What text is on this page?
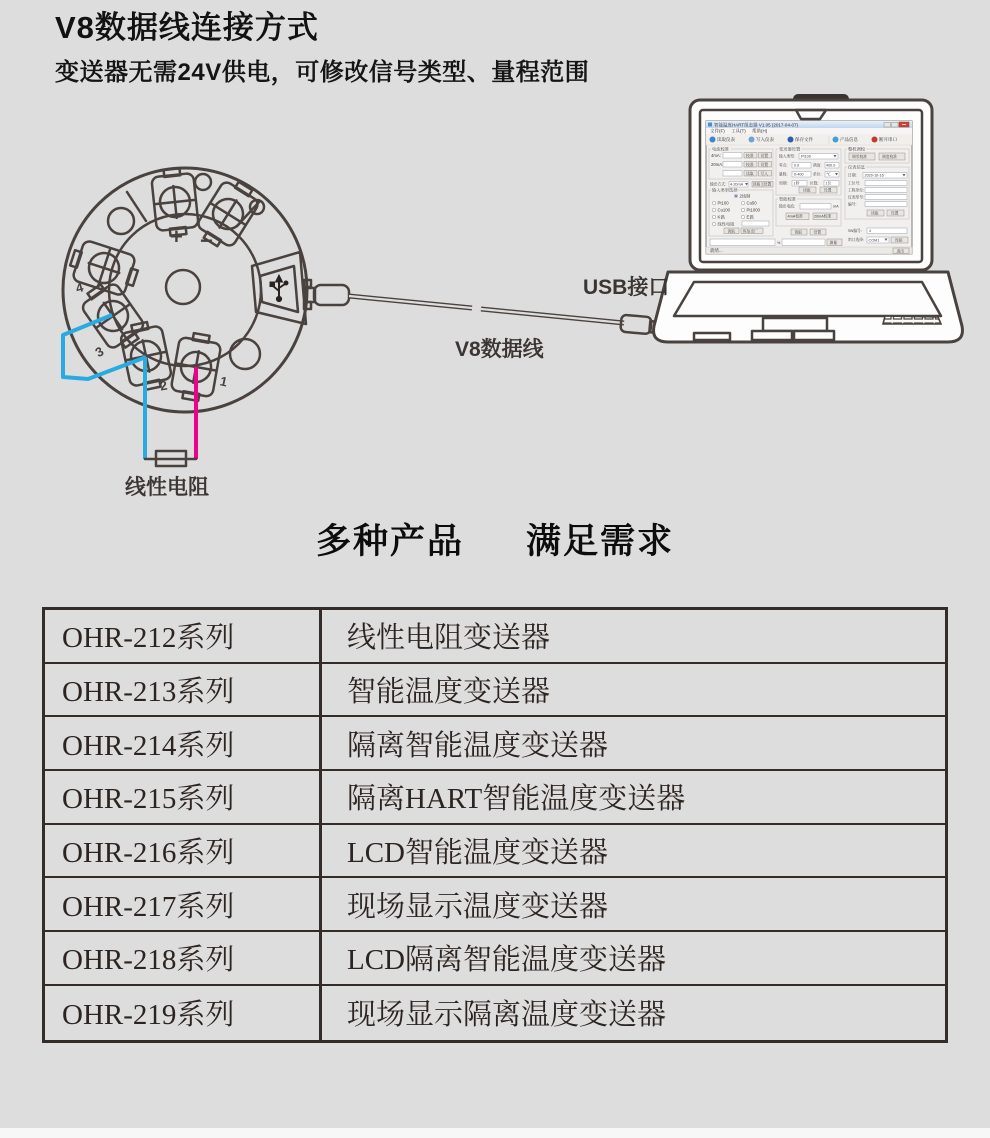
V8数据线连接方式
变送器无需24V供电，可修改信号类型、量程范围
+ −
4
3
2	1
智能温度HART组态器 V1.05 (2017-04-07)
文件(F) 工具(T) 帮助(H)
读取仪表 写入仪表 保存文件	产品信息 断开串口
电流校准
4mA:	校准 设置
20mA:	校准 设置
读取 写入
输出方式: 4-20mA 读取 设置
输入类型选择
2线制
Pt100 Cu50
Cu100 Pt1000
K偶	E偶
线性电阻
读取 恢复出厂
变送器设置
输入类型: Pt100
零点: 0.0 满度: 400.0
量程: 0-400 单位: ℃
周期: 1秒 位数: 1位
读取 设置
智能校准
输出电流:	mA
4mA校准 20mA校准
读取 设置
整机调校
调零校准 满度校准
仪表信息
日期: 2020-10-16
工位号:
工程单位:
仪表型号:
编号:
读取 设置
SN编号: 4
串口选择: COM1 连接
%	测量
就绪...	退出
USB接口
V8数据线
线性电阻
多种产品 满足需求
OHR-212系列	线性电阻变送器
OHR-213系列	智能温度变送器
OHR-214系列	隔离智能温度变送器
OHR-215系列	隔离HART智能温度变送器
OHR-216系列	LCD智能温度变送器
OHR-217系列	现场显示温度变送器
OHR-218系列	LCD隔离智能温度变送器
OHR-219系列	现场显示隔离温度变送器
